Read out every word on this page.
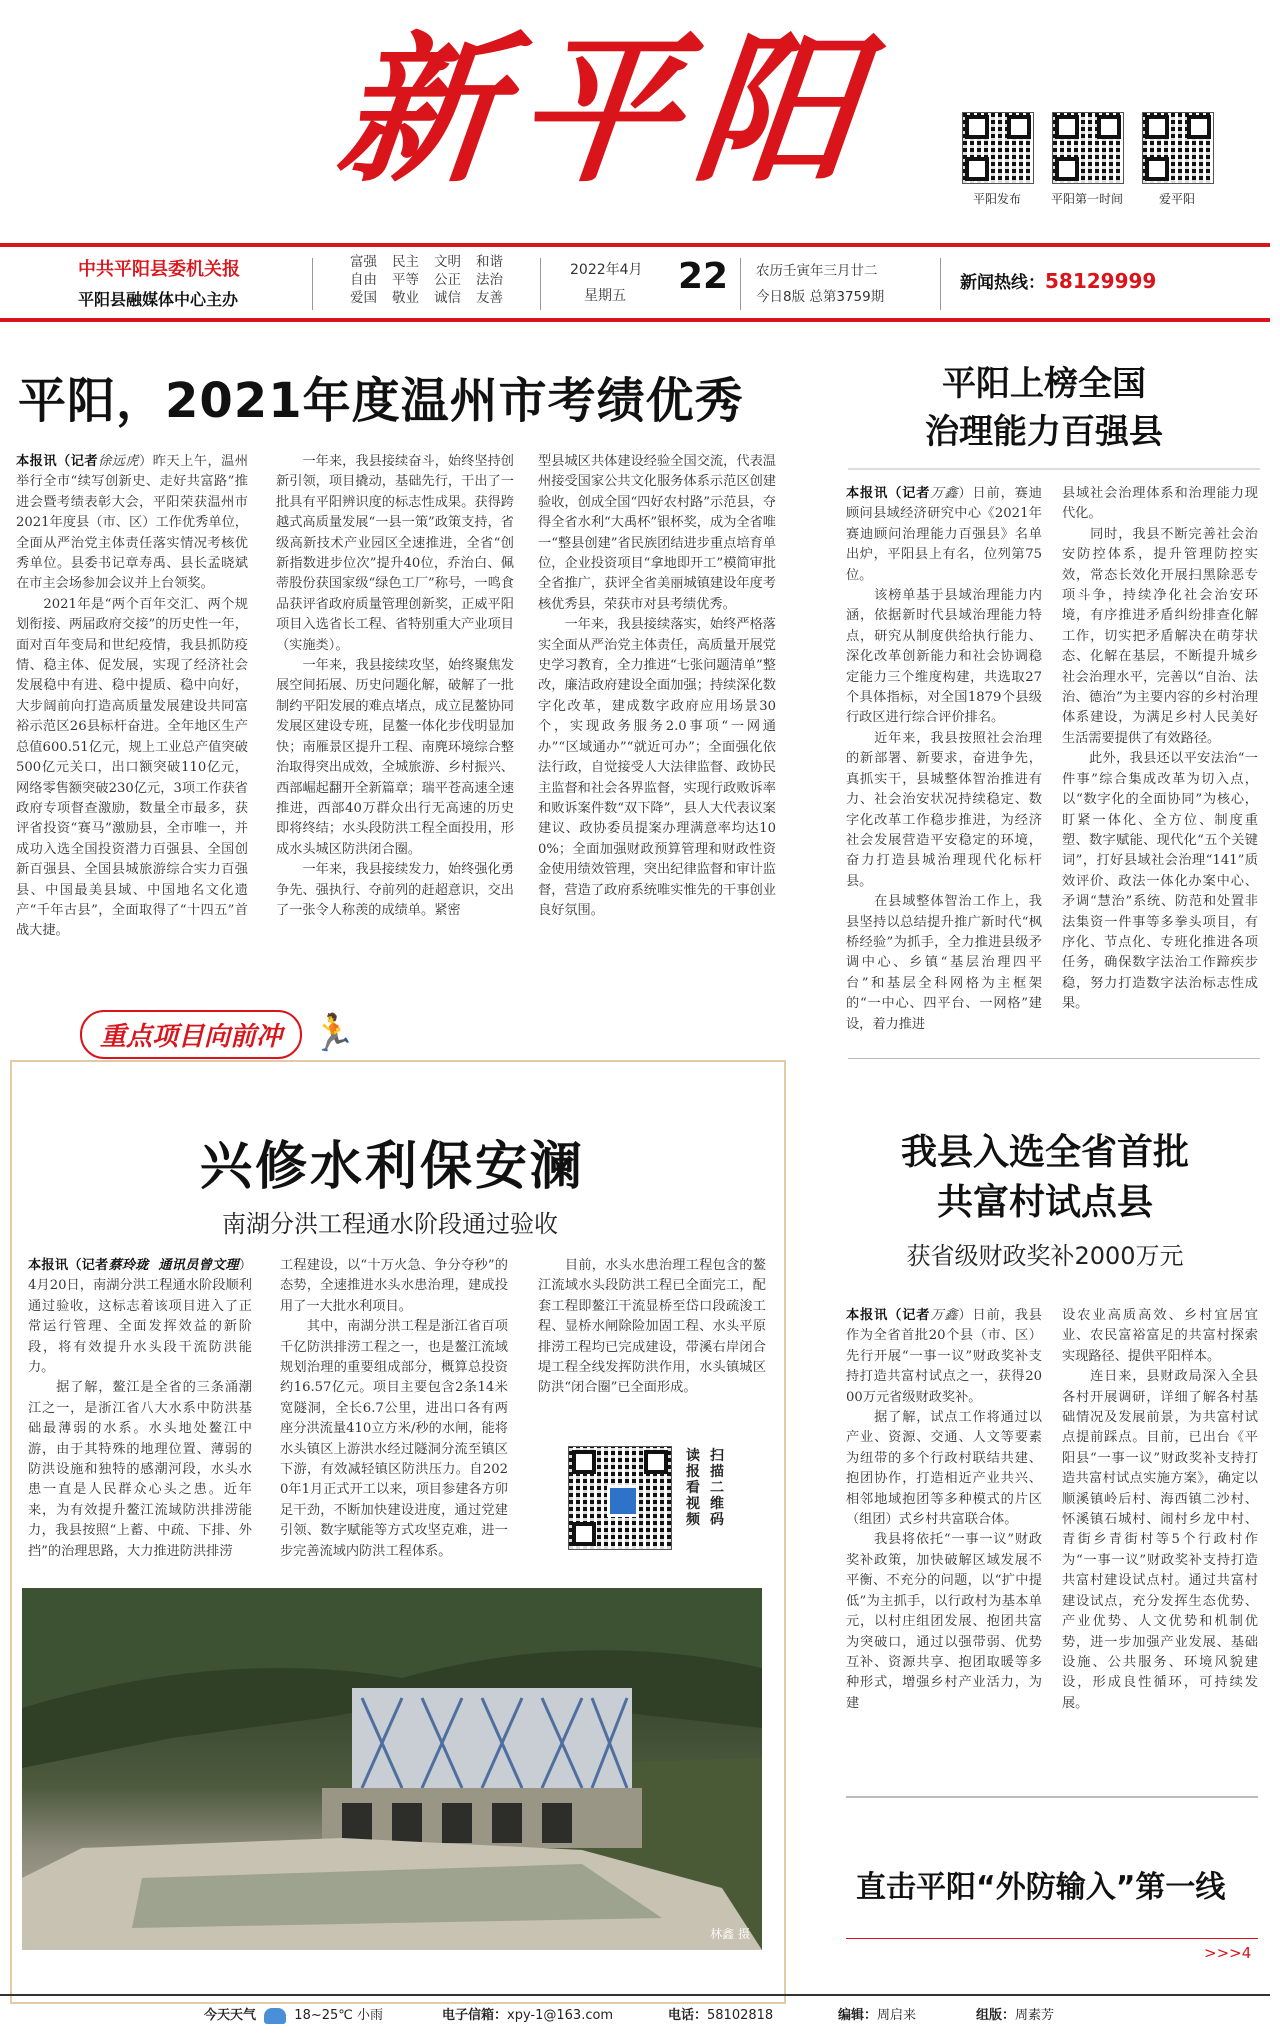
新平阳	平阳发布	平阳第一时间	爱平阳
中共平阳县委机关报
平阳县融媒体中心主办
富强	民主	文明	和谐
自由	平等	公正	法治
爱国	敬业	诚信	友善
2022年4月
星期五	22 农历壬寅年三月廿二
今日8版 总第3759期
新闻热线：58129999
平阳，2021年度温州市考绩优秀
本报讯（记者徐远虎）昨天上午，温州举行全市“续写创新史、走好共富路”推进会暨考绩表彰大会，平阳荣获温州市2021年度县（市、区）工作优秀单位，全面从严治党主体责任落实情况考核优秀单位。县委书记章寿禹、县长孟晓斌在市主会场参加会议并上台领奖。
　　2021年是“两个百年交汇、两个规划衔接、两届政府交接”的历史性一年，面对百年变局和世纪疫情，我县抓防疫情、稳主体、促发展，实现了经济社会发展稳中有进、稳中提质、稳中向好，大步阔前向打造高质量发展建设共同富裕示范区26县标杆奋进。全年地区生产总值600.51亿元，规上工业总产值突破500亿元关口，出口额突破110亿元，网络零售额突破230亿元，3项工作获省政府专项督查激励，数量全市最多，获评省投资“赛马”激励县，全市唯一，并成功入选全国投资潜力百强县、全国创新百强县、全国县城旅游综合实力百强县、中国最美县域、中国地名文化遗产“千年古县”，全面取得了“十四五”首战大捷。
　　一年来，我县接续奋斗，始终坚持创新引领，项目撬动，基础先行，干出了一批具有平阳辨识度的标志性成果。获得跨越式高质量发展“一县一策”政策支持，省级高新技术产业园区全速推进，全省“创新指数进步位次”提升40位，乔治白、佩蒂股份获国家级“绿色工厂”称号，一鸣食品获评省政府质量管理创新奖，正威平阳项目入选省长工程、省特别重大产业项目（实施类）。
　　一年来，我县接续攻坚，始终聚焦发展空间拓展、历史问题化解，破解了一批制约平阳发展的难点堵点，成立昆鳌协同发展区建设专班，昆鳌一体化步伐明显加快；南雁景区提升工程、南麂环境综合整治取得突出成效，全城旅游、乡村振兴、西部崛起翻开全新篇章；瑞平苍高速全速推进，西部40万群众出行无高速的历史即将终结；水头段防洪工程全面投用，形成水头城区防洪闭合圈。
　　一年来，我县接续发力，始终强化勇争先、强执行、夺前列的赶超意识，交出了一张令人称羡的成绩单。紧密
型县城区共体建设经验全国交流，代表温州接受国家公共文化服务体系示范区创建验收，创成全国“四好农村路”示范县，夺得全省水利“大禹杯”银杯奖，成为全省唯一“整县创建”省民族团结进步重点培育单位，企业投资项目“拿地即开工”模简审批全省推广，获评全省美丽城镇建设年度考核优秀县，荣获市对县考绩优秀。
　　一年来，我县接续落实，始终严格落实全面从严治党主体责任，高质量开展党史学习教育，全力推进“七张问题清单”整改，廉洁政府建设全面加强；持续深化数字化改革，建成数字政府应用场景30个，实现政务服务2.0事项“一网通办”“区域通办”“就近可办”；全面强化依法行政，自觉接受人大法律监督、政协民主监督和社会各界监督，实现行政败诉率和败诉案件数“双下降”，县人大代表议案建议、政协委员提案办理满意率均达100%；全面加强财政预算管理和财政性资金使用绩效管理，突出纪律监督和审计监督，营造了政府系统唯实惟先的干事创业良好氛围。
平阳上榜全国
治理能力百强县
本报讯（记者万鑫）日前，赛迪顾问县域经济研究中心《2021年赛迪顾问治理能力百强县》名单出炉，平阳县上有名，位列第75位。
　　该榜单基于县域治理能力内涵，依据新时代县域治理能力特点，研究从制度供给执行能力、深化改革创新能力和社会协调稳定能力三个维度构建，共选取27个具体指标，对全国1879个县级行政区进行综合评价排名。
　　近年来，我县按照社会治理的新部署、新要求，奋进争先，真抓实干，县城整体智治推进有力、社会治安状况持续稳定、数字化改革工作稳步推进，为经济社会发展营造平安稳定的环境，奋力打造县城治理现代化标杆县。
　　在县域整体智治工作上，我县坚持以总结提升推广新时代“枫桥经验”为抓手，全力推进县级矛调中心、乡镇“基层治理四平台”和基层全科网格为主框架的“一中心、四平台、一网格”建设，着力推进
县域社会治理体系和治理能力现代化。
　　同时，我县不断完善社会治安防控体系，提升管理防控实效，常态长效化开展扫黑除恶专项斗争，持续净化社会治安环境，有序推进矛盾纠纷排查化解工作，切实把矛盾解决在萌芽状态、化解在基层，不断提升城乡社会治理水平，完善以“自治、法治、德治”为主要内容的乡村治理体系建设，为满足乡村人民美好生活需要提供了有效路径。
　　此外，我县还以平安法治“一件事”综合集成改革为切入点，以“数字化的全面协同”为核心，盯紧一体化、全方位、制度重塑、数字赋能、现代化“五个关键词”，打好县域社会治理“141”质效评价、政法一体化办案中心、矛调“慧治”系统、防范和处置非法集资一件事等多拳头项目，有序化、节点化、专班化推进各项任务，确保数字法治工作蹄疾步稳，努力打造数字法治标志性成果。
重点项目向前冲 🏃
兴修水利保安澜
南湖分洪工程通水阶段通过验收
本报讯（记者蔡玲珑  通讯员曾文理）4月20日，南湖分洪工程通水阶段顺利通过验收，这标志着该项目进入了正常运行管理、全面发挥效益的新阶段，将有效提升水头段干流防洪能力。
　　据了解，鳌江是全省的三条涌潮江之一，是浙江省八大水系中防洪基础最薄弱的水系。水头地处鳌江中游，由于其特殊的地理位置、薄弱的防洪设施和独特的感潮河段，水头水患一直是人民群众心头之患。近年来，为有效提升鳌江流域防洪排涝能力，我县按照“上蓄、中疏、下排、外挡”的治理思路，大力推进防洪排涝
工程建设，以“十万火急、争分夺秒”的态势，全速推进水头水患治理，建成投用了一大批水利项目。
　　其中，南湖分洪工程是浙江省百项千亿防洪排涝工程之一，也是鳌江流域规划治理的重要组成部分，概算总投资约16.57亿元。项目主要包含2条14米宽隧洞，全长6.7公里，进出口各有两座分洪流量410立方米/秒的水闸，能将水头镇区上游洪水经过隧洞分流至镇区下游，有效减轻镇区防洪压力。自2020年1月正式开工以来，项目参建各方卯足干劲，不断加快建设进度，通过党建引领、数字赋能等方式攻坚克难，进一步完善流域内防洪工程体系。
　　目前，水头水患治理工程包含的鳌江流域水头段防洪工程已全面完工，配套工程即鳌江干流显桥至岱口段疏浚工程、显桥水闸除险加固工程、水头平原排涝工程均已完成建设，带溪右岸闭合堤工程全线发挥防洪作用，水头镇城区防洪“闭合圈”已全面形成。
扫描二维码
读报看视频
林鑫 摄
我县入选全省首批
共富村试点县
获省级财政奖补2000万元
本报讯（记者万鑫）日前，我县作为全省首批20个县（市、区）先行开展“一事一议”财政奖补支持打造共富村试点之一，获得2000万元省级财政奖补。
　　据了解，试点工作将通过以产业、资源、交通、人文等要素为纽带的多个行政村联结共建、抱团协作，打造相近产业共兴、相邻地域抱团等多种模式的片区（组团）式乡村共富联合体。
　　我县将依托“一事一议”财政奖补政策，加快破解区域发展不平衡、不充分的问题，以“扩中提低”为主抓手，以行政村为基本单元，以村庄组团发展、抱团共富为突破口，通过以强带弱、优势互补、资源共享、抱团取暖等多种形式，增强乡村产业活力，为建
设农业高质高效、乡村宜居宜业、农民富裕富足的共富村探索实现路径、提供平阳样本。
　　连日来，县财政局深入全县各村开展调研，详细了解各村基础情况及发展前景，为共富村试点提前踩点。目前，已出台《平阳县“一事一议”财政奖补支持打造共富村试点实施方案》，确定以顺溪镇岭后村、海西镇二沙村、怀溪镇石城村、闹村乡龙中村、青街乡青街村等5个行政村作为“一事一议”财政奖补支持打造共富村建设试点村。通过共富村建设试点，充分发挥生态优势、产业优势、人文优势和机制优势，进一步加强产业发展、基础设施、公共服务、环境风貌建设，形成良性循环，可持续发展。
直击平阳“外防输入”第一线
>>>4
今天天气	18~25℃ 小雨	电子信箱：xpy-1@163.com	电话：58102818	编辑：周启来	组版：周素芳
